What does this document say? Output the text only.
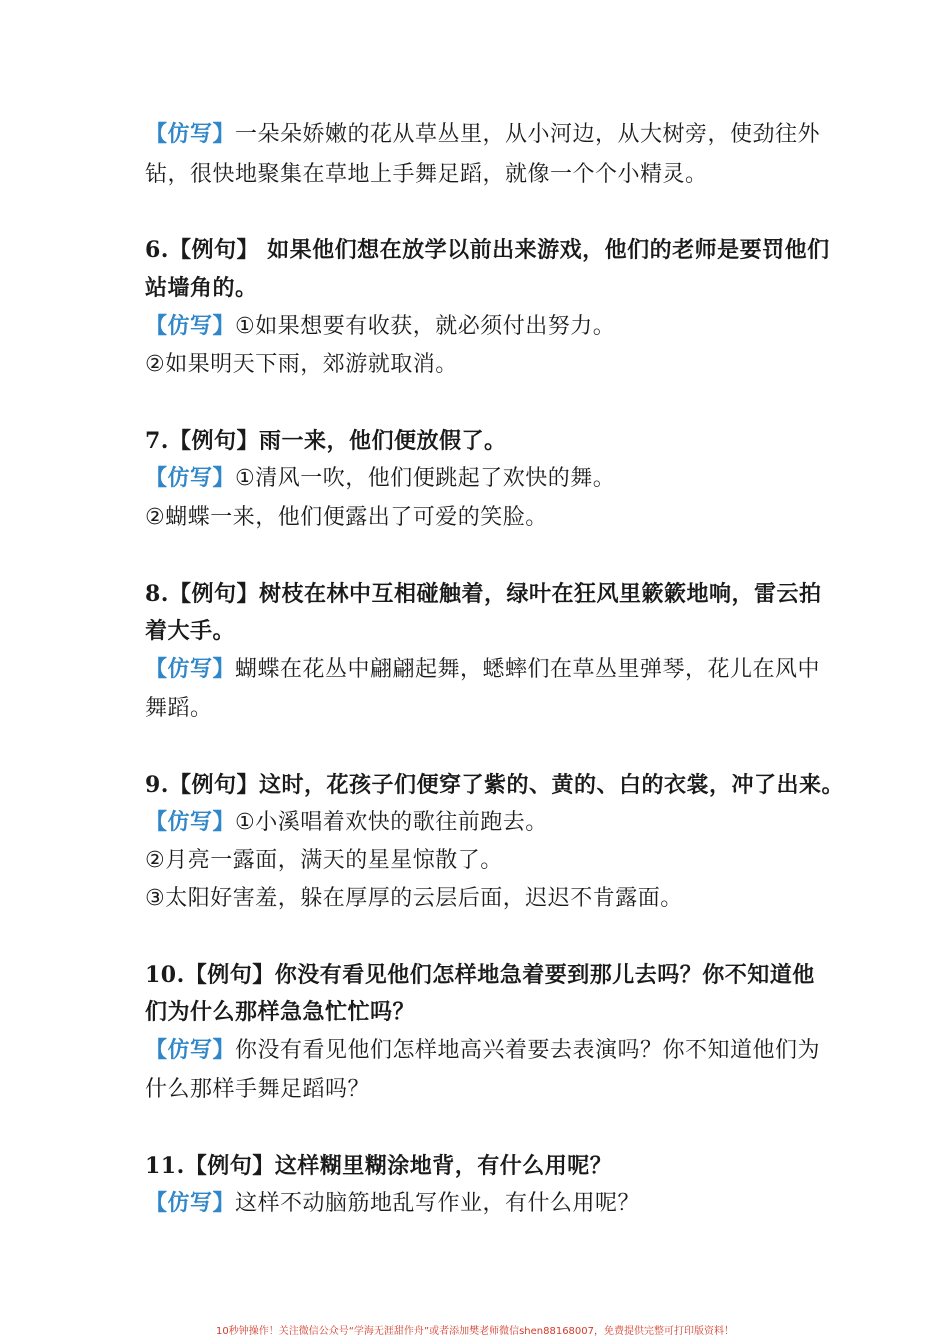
【仿写】一朵朵娇嫩的花从草丛里，从小河边，从大树旁，使劲往外
钻，很快地聚集在草地上手舞足蹈，就像一个个小精灵。
6.【例句】 如果他们想在放学以前出来游戏，他们的老师是要罚他们
站墙角的。
【仿写】①如果想要有收获，就必须付出努力。
②如果明天下雨，郊游就取消。
7.【例句】雨一来，他们便放假了。
【仿写】①清风一吹，他们便跳起了欢快的舞。
②蝴蝶一来，他们便露出了可爱的笑脸。
8.【例句】树枝在林中互相碰触着，绿叶在狂风里簌簌地响，雷云拍
着大手。
【仿写】蝴蝶在花丛中翩翩起舞，蟋蟀们在草丛里弹琴，花儿在风中
舞蹈。
9.【例句】这时，花孩子们便穿了紫的、黄的、白的衣裳，冲了出来。
【仿写】①小溪唱着欢快的歌往前跑去。
②月亮一露面，满天的星星惊散了。
③太阳好害羞，躲在厚厚的云层后面，迟迟不肯露面。
10.【例句】你没有看见他们怎样地急着要到那儿去吗？你不知道他
们为什么那样急急忙忙吗？
【仿写】你没有看见他们怎样地高兴着要去表演吗？你不知道他们为
什么那样手舞足蹈吗？
11.【例句】这样糊里糊涂地背，有什么用呢？
【仿写】这样不动脑筋地乱写作业，有什么用呢？
10秒钟操作！关注微信公众号“学海无涯甜作舟”或者添加樊老师微信shen88168007，免费提供完整可打印版资料！
